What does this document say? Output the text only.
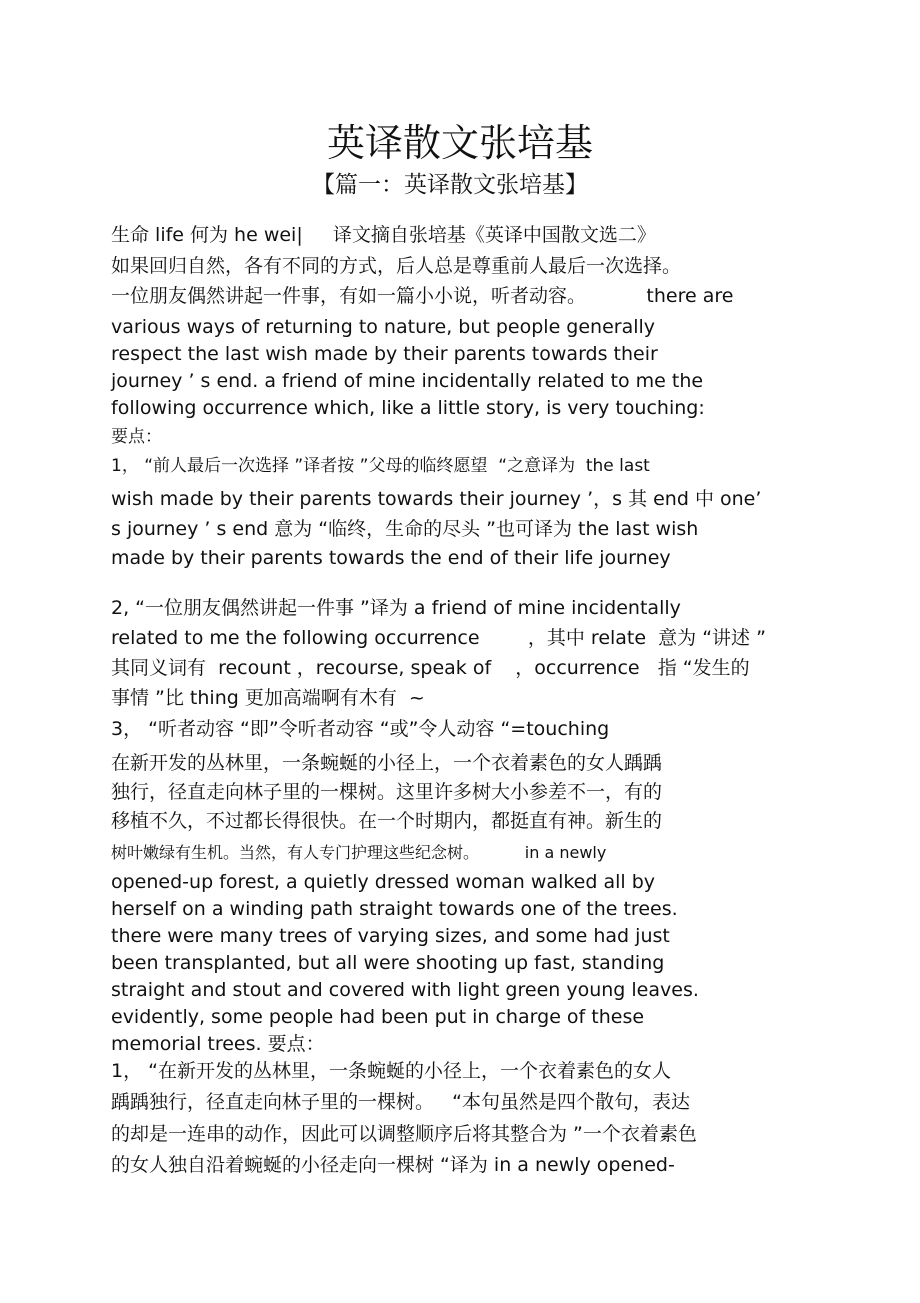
英译散文张培基
【篇一：英译散文张培基】
生命 life 何为 he wei|     译文摘自张培基《英译中国散文选二》
如果回归自然，各有不同的方式，后人总是尊重前人最后一次选择。
一位朋友偶然讲起一件事，有如一篇小小说，听者动容。          there are
various ways of returning to nature, but people generally
respect the last wish made by their parents towards their
journey ’ s end. a friend of mine incidentally related to me the
following occurrence which, like a little story, is very touching:
要点：
1， “前人最后一次选择 ”译者按 ”父母的临终愿望  “之意译为  the last
wish made by their parents towards their journey ’，s 其 end 中 one’
s journey ’ s end 意为 “临终，生命的尽头 ”也可译为 the last wish
made by their parents towards the end of their life journey
2, “一位朋友偶然讲起一件事 ”译为 a friend of mine incidentally
related to me the following occurrence        ，其中 relate  意为 “讲述 ”
其同义词有  recount ，recourse, speak of    ，occurrence   指 “发生的
事情 ”比 thing 更加高端啊有木有  ~
3， “听者动容 “即”令听者动容 “或”令人动容 “=touching
在新开发的丛林里，一条蜿蜒的小径上，一个衣着素色的女人踽踽
独行，径直走向林子里的一棵树。这里许多树大小参差不一，有的
移植不久，不过都长得很快。在一个时期内，都挺直有神。新生的
树叶嫩绿有生机。当然，有人专门护理这些纪念树。         in a newly
opened-up forest, a quietly dressed woman walked all by
herself on a winding path straight towards one of the trees.
there were many trees of varying sizes, and some had just
been transplanted, but all were shooting up fast, standing
straight and stout and covered with light green young leaves.
evidently, some people had been put in charge of these
memorial trees. 要点：
1， “在新开发的丛林里，一条蜿蜒的小径上，一个衣着素色的女人
踽踽独行，径直走向林子里的一棵树。   “本句虽然是四个散句，表达
的却是一连串的动作，因此可以调整顺序后将其整合为 ”一个衣着素色
的女人独自沿着蜿蜒的小径走向一棵树 “译为 in a newly opened-
